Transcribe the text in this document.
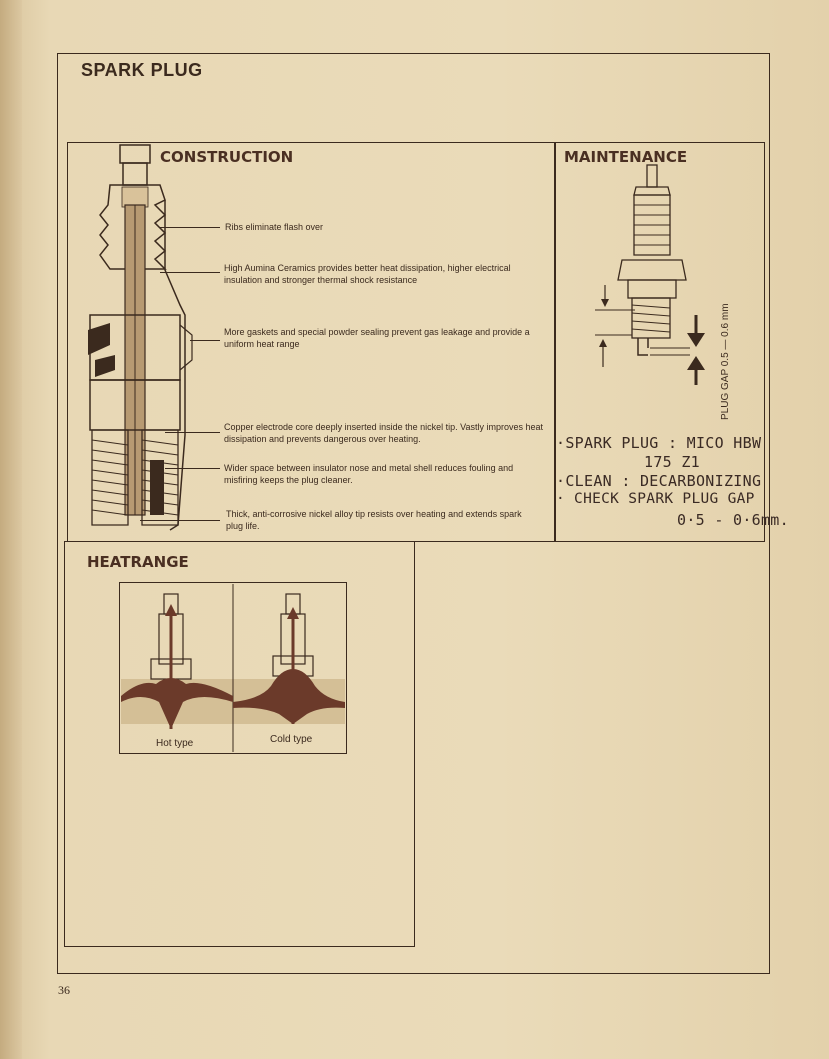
SPARK PLUG
CONSTRUCTION
Ribs eliminate flash over
High Aumina Ceramics provides better heat dissipation, higher electrical insulation and stronger thermal shock resistance
More gaskets and special powder sealing prevent gas leakage and provide a uniform heat range
Copper electrode core deeply inserted inside the nickel tip. Vastly improves heat dissipation and prevents dangerous over heating.
Wider space between insulator nose and metal shell reduces fouling and misfiring keeps the plug cleaner.
Thick, anti-corrosive nickel alloy tip resists over heating and extends spark plug life.
MAINTENANCE
PLUG GAP 0.5 — 0.6 mm
·SPARK PLUG : MICO HBW
175 Z1
·CLEAN : DECARBONIZING
· CHECK SPARK PLUG GAP
0·5 - 0·6mm.
HEATRANGE
Hot type	Cold type
36
